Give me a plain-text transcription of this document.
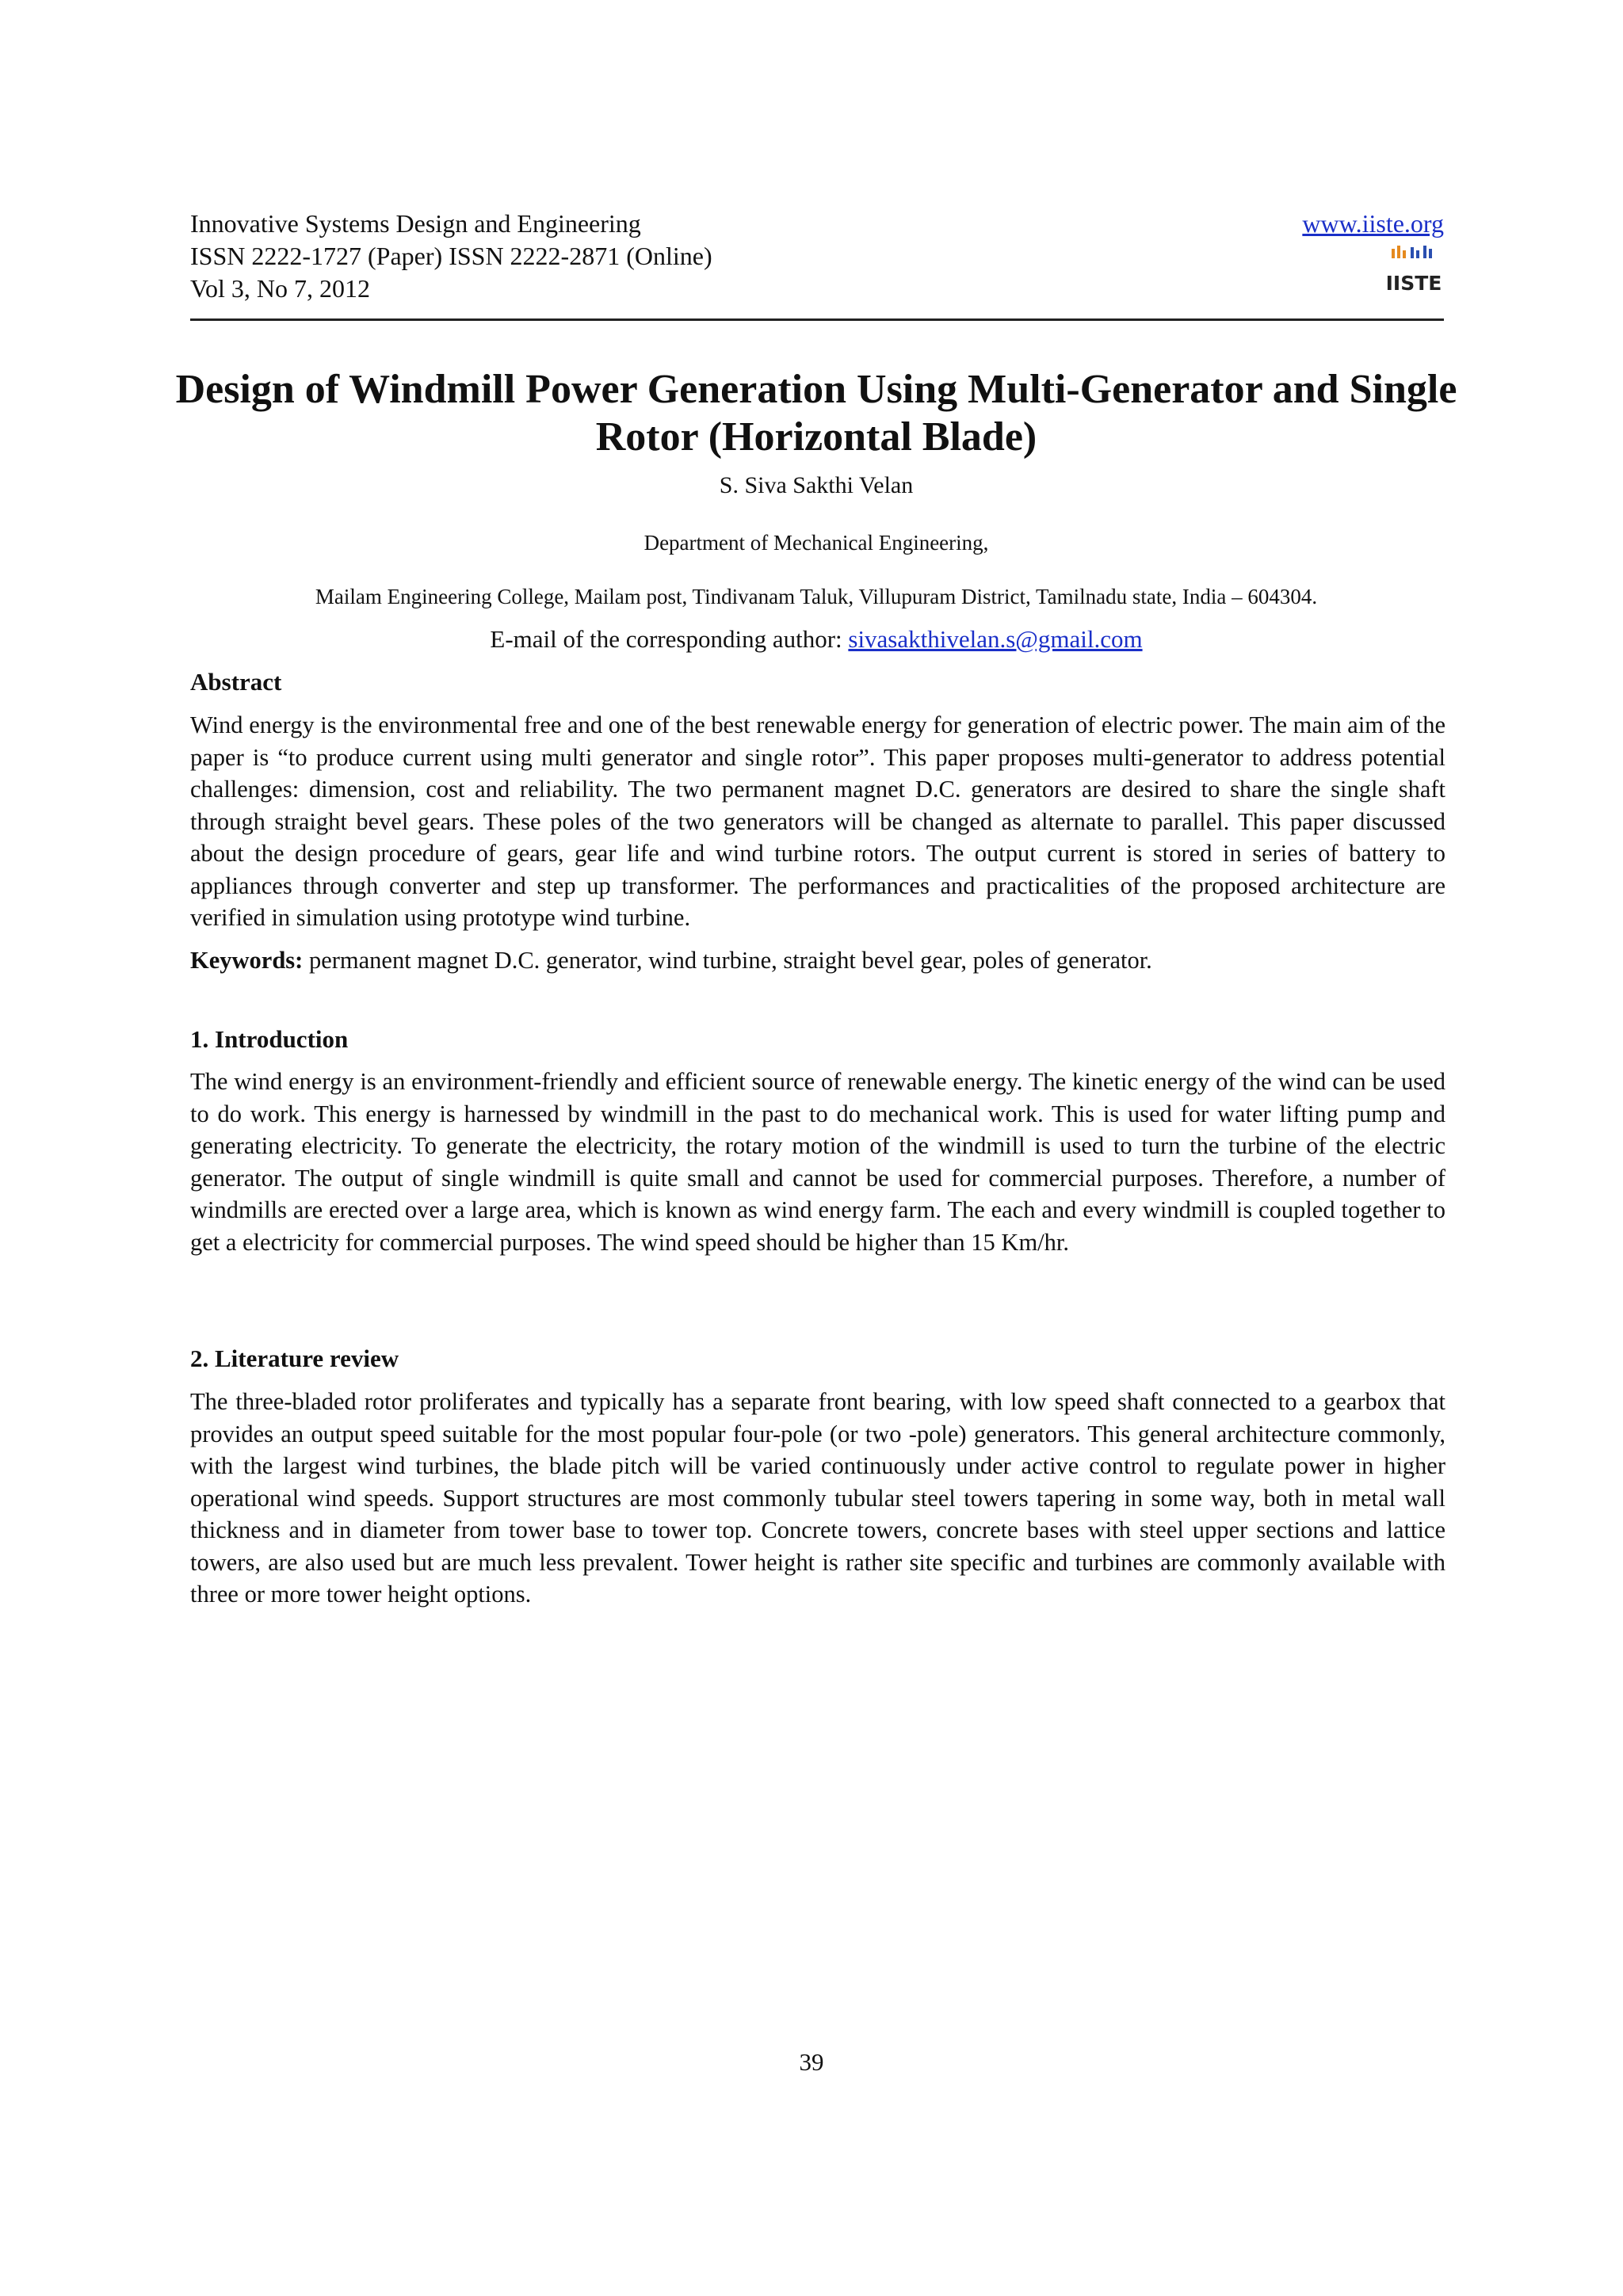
Innovative Systems Design and Engineering
ISSN 2222-1727 (Paper) ISSN 2222-2871 (Online)
Vol 3, No 7, 2012
www.iiste.org
IISTE
Design of Windmill Power Generation Using Multi-Generator and Single Rotor (Horizontal Blade)
S. Siva Sakthi Velan
Department of Mechanical Engineering,
Mailam Engineering College, Mailam post, Tindivanam Taluk, Villupuram District, Tamilnadu state, India – 604304.
E-mail of the corresponding author: sivasakthivelan.s@gmail.com
Abstract

Wind energy is the environmental free and one of the best renewable energy for generation of electric power. The main aim of the paper is “to produce current using multi generator and single rotor”. This paper proposes multi-generator to address potential challenges: dimension, cost and reliability. The two permanent magnet D.C. generators are desired to share the single shaft through straight bevel gears. These poles of the two generators will be changed as alternate to parallel. This paper discussed about the design procedure of gears, gear life and wind turbine rotors. The output current is stored in series of battery to appliances through converter and step up transformer. The performances and practicalities of the proposed architecture are verified in simulation using prototype wind turbine.

Keywords: permanent magnet D.C. generator, wind turbine, straight bevel gear, poles of generator.

1. Introduction

The wind energy is an environment-friendly and efficient source of renewable energy. The kinetic energy of the wind can be used to do work. This energy is harnessed by windmill in the past to do mechanical work. This is used for water lifting pump and generating electricity. To generate the electricity, the rotary motion of the windmill is used to turn the turbine of the electric generator. The output of single windmill is quite small and cannot be used for commercial purposes. Therefore, a number of windmills are erected over a large area, which is known as wind energy farm. The each and every windmill is coupled together to get a electricity for commercial purposes. The wind speed should be higher than 15 Km/hr.

2. Literature review

The three-bladed rotor proliferates and typically has a separate front bearing, with low speed shaft connected to a gearbox that provides an output speed suitable for the most popular four-pole (or two -pole) generators. This general architecture commonly, with the largest wind turbines, the blade pitch will be varied continuously under active control to regulate power in higher operational wind speeds. Support structures are most commonly tubular steel towers tapering in some way, both in metal wall thickness and in diameter from tower base to tower top. Concrete towers, concrete bases with steel upper sections and lattice towers, are also used but are much less prevalent. Tower height is rather site specific and turbines are commonly available with three or more tower height options.

39
